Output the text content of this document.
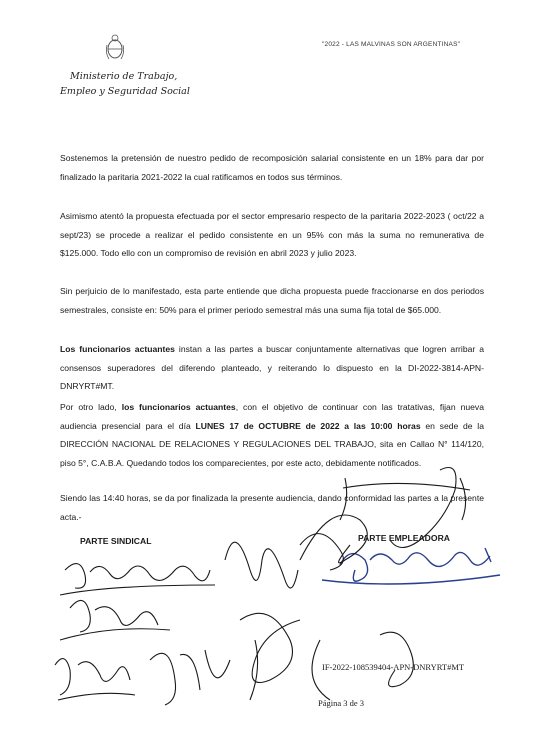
"2022 - LAS MALVINAS SON ARGENTINAS"
Ministerio de Trabajo,
Empleo y Seguridad Social

Sostenemos la pretensión de nuestro pedido de recomposición salarial consistente en un 18% para dar por finalizado la paritaria 2021-2022 la cual ratificamos en todos sus términos.

Asimismo atentó la propuesta efectuada por el sector empresario respecto de la paritaria 2022-2023 ( oct/22 a sept/23) se procede a realizar el pedido consistente en un 95% con más la suma no remunerativa de $125.000. Todo ello con un compromiso de revisión en abril 2023 y julio 2023.

Sin perjuicio de lo manifestado, esta parte entiende que dicha propuesta puede fraccionarse en dos periodos semestrales, consiste en: 50% para el primer periodo semestral más una suma fija total de $65.000.

Los funcionarios actuantes instan a las partes a buscar conjuntamente alternativas que logren arribar a consensos superadores del diferendo planteado, y reiterando lo dispuesto en la DI-2022-3814-APN-DNRYRT#MT.

Por otro lado, los funcionarios actuantes, con el objetivo de continuar con las tratativas, fijan nueva audiencia presencial para el día LUNES 17 de OCTUBRE de 2022 a las 10:00 horas en sede de la DIRECCIÓN NACIONAL DE RELACIONES Y REGULACIONES DEL TRABAJO, sita en Callao N° 114/120, piso 5°, C.A.B.A. Quedando todos los comparecientes, por este acto, debidamente notificados.

Siendo las 14:40 horas, se da por finalizada la presente audiencia, dando conformidad las partes a la presente acta.-

PARTE SINDICAL	PARTE EMPLEADORA
IF-2022-108539404-APN-DNRYRT#MT
Página 3 de 3
